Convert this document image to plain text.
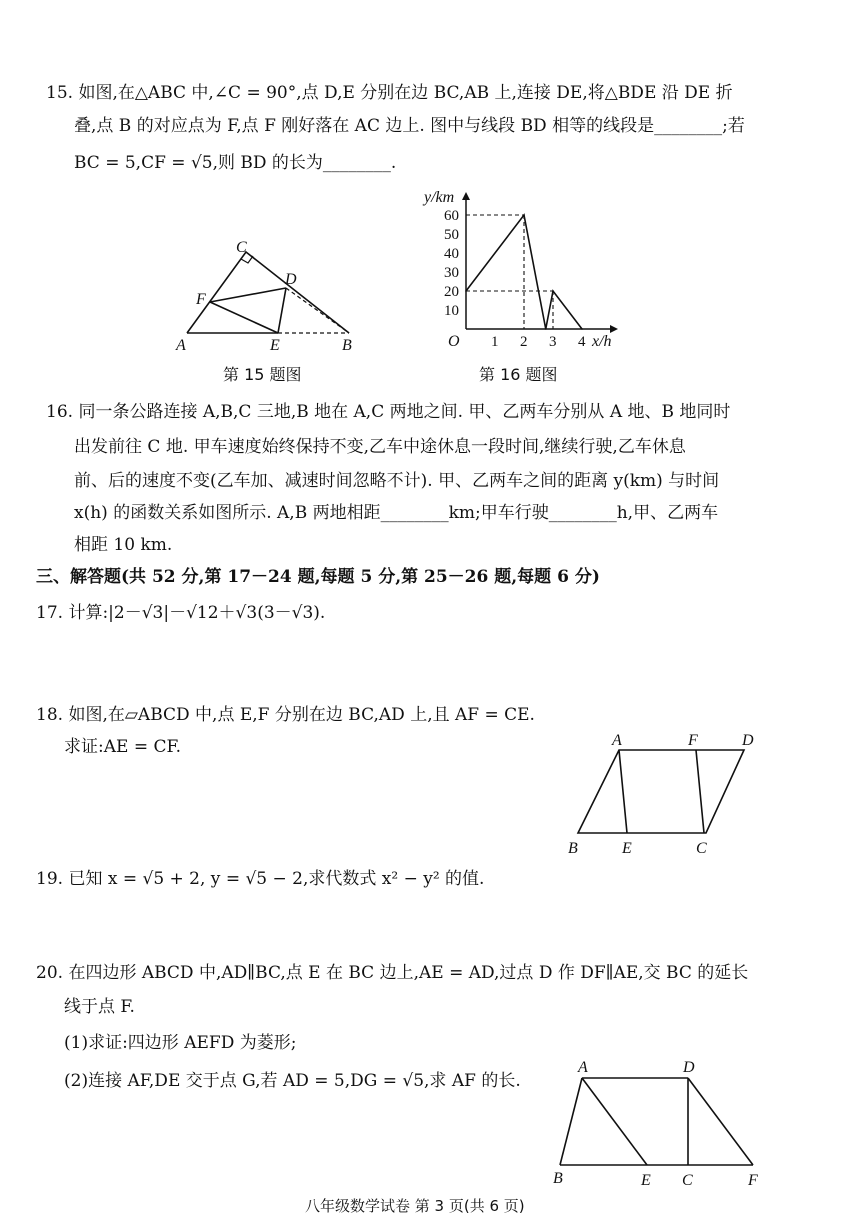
15. 如图,在△ABC 中,∠C = 90°,点 D,E 分别在边 BC,AB 上,连接 DE,将△BDE 沿 DE 折
叠,点 B 的对应点为 F,点 F 刚好落在 AC 边上. 图中与线段 BD 相等的线段是________;若
BC = 5,CF = √5,则 BD 的长为________.
A	B
C
D
E
F
第 15 题图
10
20
30
40
50
60
1 2 3 4
y/km
x/h
O
第 16 题图
16. 同一条公路连接 A,B,C 三地,B 地在 A,C 两地之间. 甲、乙两车分别从 A 地、B 地同时
出发前往 C 地. 甲车速度始终保持不变,乙车中途休息一段时间,继续行驶,乙车休息
前、后的速度不变(乙车加、减速时间忽略不计). 甲、乙两车之间的距离 y(km) 与时间
x(h) 的函数关系如图所示. A,B 两地相距________km;甲车行驶________h,甲、乙两车
相距 10 km.
三、解答题(共 52 分,第 17－24 题,每题 5 分,第 25－26 题,每题 6 分)
17. 计算:|2－√3|－√12＋√3(3－√3).
18. 如图,在▱ABCD 中,点 E,F 分别在边 BC,AD 上,且 AF = CE.
求证:AE = CF.	A	F	D
B	E	C
19. 已知 x = √5 + 2, y = √5 − 2,求代数式 x² − y² 的值.
20. 在四边形 ABCD 中,AD∥BC,点 E 在 BC 边上,AE = AD,过点 D 作 DF∥AE,交 BC 的延长
线于点 F.
(1)求证:四边形 AEFD 为菱形;
(2)连接 AF,DE 交于点 G,若 AD = 5,DG = √5,求 AF 的长.
A	D
B	E C	F
八年级数学试卷 第 3 页(共 6 页)
